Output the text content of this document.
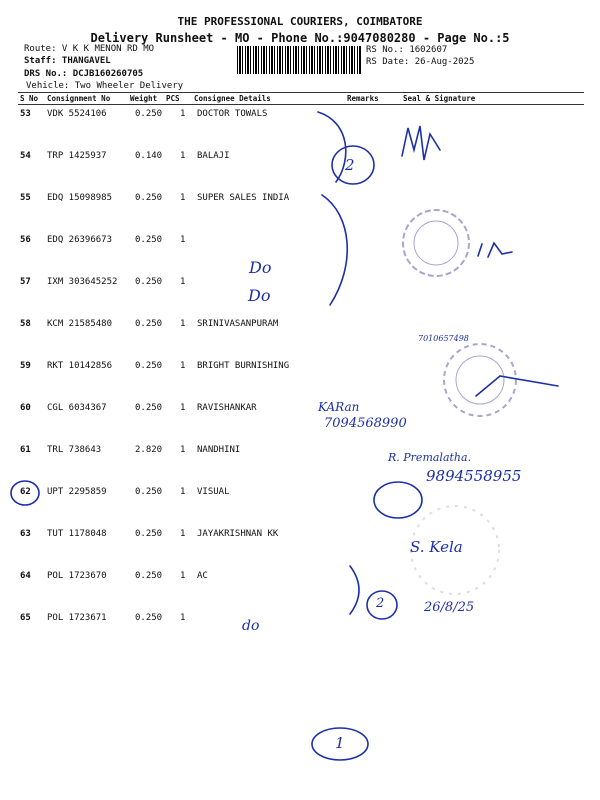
THE PROFESSIONAL COURIERS, COIMBATORE
Delivery Runsheet - MO - Phone No.:9047080280 - Page No.:5
Route: V K K MENON RD MO
Staff: THANGAVEL
DRS No.: DCJB160260705
Vehicle: Two Wheeler Delivery
RS No.: 1602607
RS Date: 26-Aug-2025
S No Consignment No	Weight PCS Consignee Details	Remarks	Seal & Signature
53 VDK 5524106	0.250 1 DOCTOR TOWALS
54 TRP 1425937	0.140 1 BALAJI
55 EDQ 15098985	0.250 1 SUPER SALES INDIA
56 EDQ 26396673	0.250 1
57 IXM 303645252 0.250 1
58 KCM 21585480	0.250 1 SRINIVASANPURAM
59 RKT 10142856	0.250 1 BRIGHT BURNISHING
60 CGL 6034367	0.250 1 RAVISHANKAR
61 TRL 738643	2.820 1 NANDHINI
62 UPT 2295859	0.250 1 VISUAL
63 TUT 1178048	0.250 1 JAYAKRISHNAN KK
64 POL 1723670	0.250 1 AC
65 POL 1723671	0.250 1
2
Do
Do
7010657498
KARan
7094568990
R. Premalatha.
9894558955
S. Kela
2	26/8/25
do
1
